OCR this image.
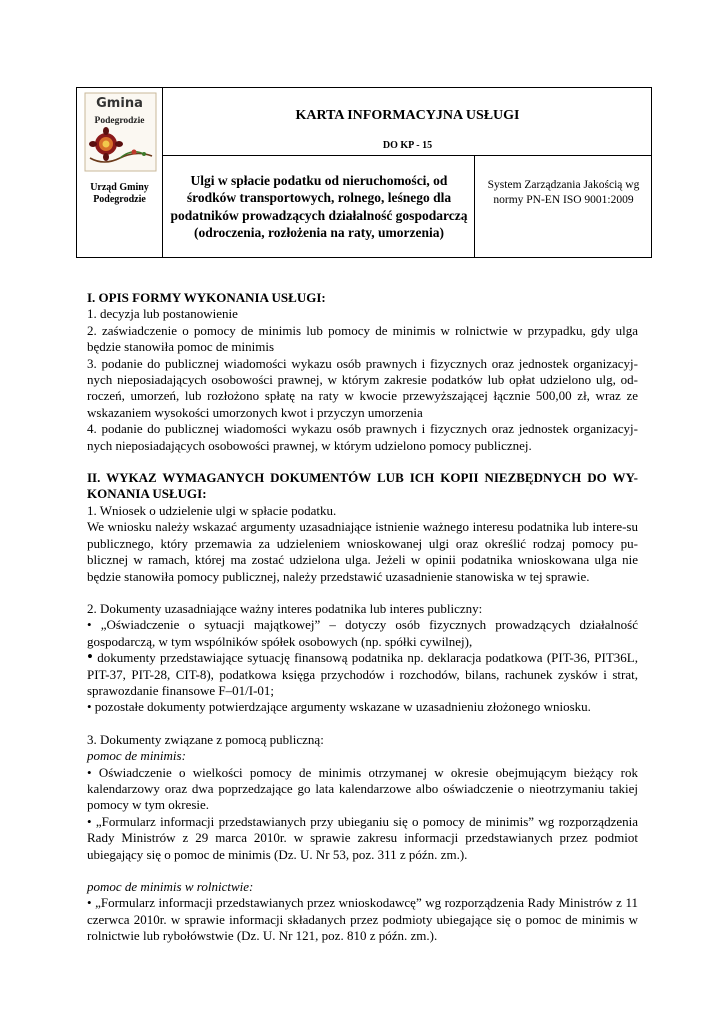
Gmina
Podegrodzie
Urząd Gminy Podegrodzie
KARTA INFORMACYJNA USŁUGI
DO KP - 15
Ulgi w spłacie podatku od nieruchomości, od środków transportowych, rolnego, leśnego dla podatników prowadzących działalność gospodarczą (odroczenia, rozłożenia na raty, umorzenia)
System Zarządzania Jakością wg normy PN-EN ISO 9001:2009

I. OPIS FORMY WYKONANIA USŁUGI:

1. decyzja lub postanowienie

2. zaświadczenie o pomocy de minimis lub pomocy de minimis w rolnictwie w przypadku, gdy ulga będzie stanowiła pomoc de minimis

3. podanie do publicznej wiadomości wykazu osób prawnych i fizycznych oraz jednostek organizacyj-nych nieposiadających osobowości prawnej, w którym zakresie podatków lub opłat udzielono ulg, od-roczeń, umorzeń, lub rozłożono spłatę na raty w kwocie przewyższającej łącznie 500,00 zł, wraz ze wskazaniem wysokości umorzonych kwot i przyczyn umorzenia

4. podanie do publicznej wiadomości wykazu osób prawnych i fizycznych oraz jednostek organizacyj-nych nieposiadających osobowości prawnej, w którym udzielono pomocy publicznej.

II. WYKAZ WYMAGANYCH DOKUMENTÓW LUB ICH KOPII NIEZBĘDNYCH DO WY-KONANIA USŁUGI:

1. Wniosek o udzielenie ulgi w spłacie podatku.

We wniosku należy wskazać argumenty uzasadniające istnienie ważnego interesu podatnika lub intere-su publicznego, który przemawia za udzieleniem wnioskowanej ulgi oraz określić rodzaj pomocy pu-blicznej w ramach, której ma zostać udzielona ulga. Jeżeli w opinii podatnika wnioskowana ulga nie będzie stanowiła pomocy publicznej, należy przedstawić uzasadnienie stanowiska w tej sprawie.

2. Dokumenty uzasadniające ważny interes podatnika lub interes publiczny:

• „Oświadczenie o sytuacji majątkowej” – dotyczy osób fizycznych prowadzących działalność gospodarczą, w tym wspólników spółek osobowych (np. spółki cywilnej),

• dokumenty przedstawiające sytuację finansową podatnika np. deklaracja podatkowa (PIT-36, PIT36L, PIT-37, PIT-28, CIT-8), podatkowa księga przychodów i rozchodów, bilans, rachunek zysków i strat, sprawozdanie finansowe F–01/I-01;

• pozostałe dokumenty potwierdzające argumenty wskazane w uzasadnieniu złożonego wniosku.

3. Dokumenty związane z pomocą publiczną:

pomoc de minimis:

• Oświadczenie o wielkości pomocy de minimis otrzymanej w okresie obejmującym bieżący rok kalendarzowy oraz dwa poprzedzające go lata kalendarzowe albo oświadczenie o nieotrzymaniu takiej pomocy w tym okresie.

• „Formularz informacji przedstawianych przy ubieganiu się o pomocy de minimis” wg rozporządzenia Rady Ministrów z 29 marca 2010r. w sprawie zakresu informacji przedstawianych przez podmiot ubiegający się o pomoc de minimis (Dz. U. Nr 53, poz. 311 z późn. zm.).

pomoc de minimis w rolnictwie:

• „Formularz informacji przedstawianych przez wnioskodawcę” wg rozporządzenia Rady Ministrów z 11 czerwca 2010r. w sprawie informacji składanych przez podmioty ubiegające się o pomoc de minimis w rolnictwie lub rybołówstwie (Dz. U. Nr 121, poz. 810 z późn. zm.).
